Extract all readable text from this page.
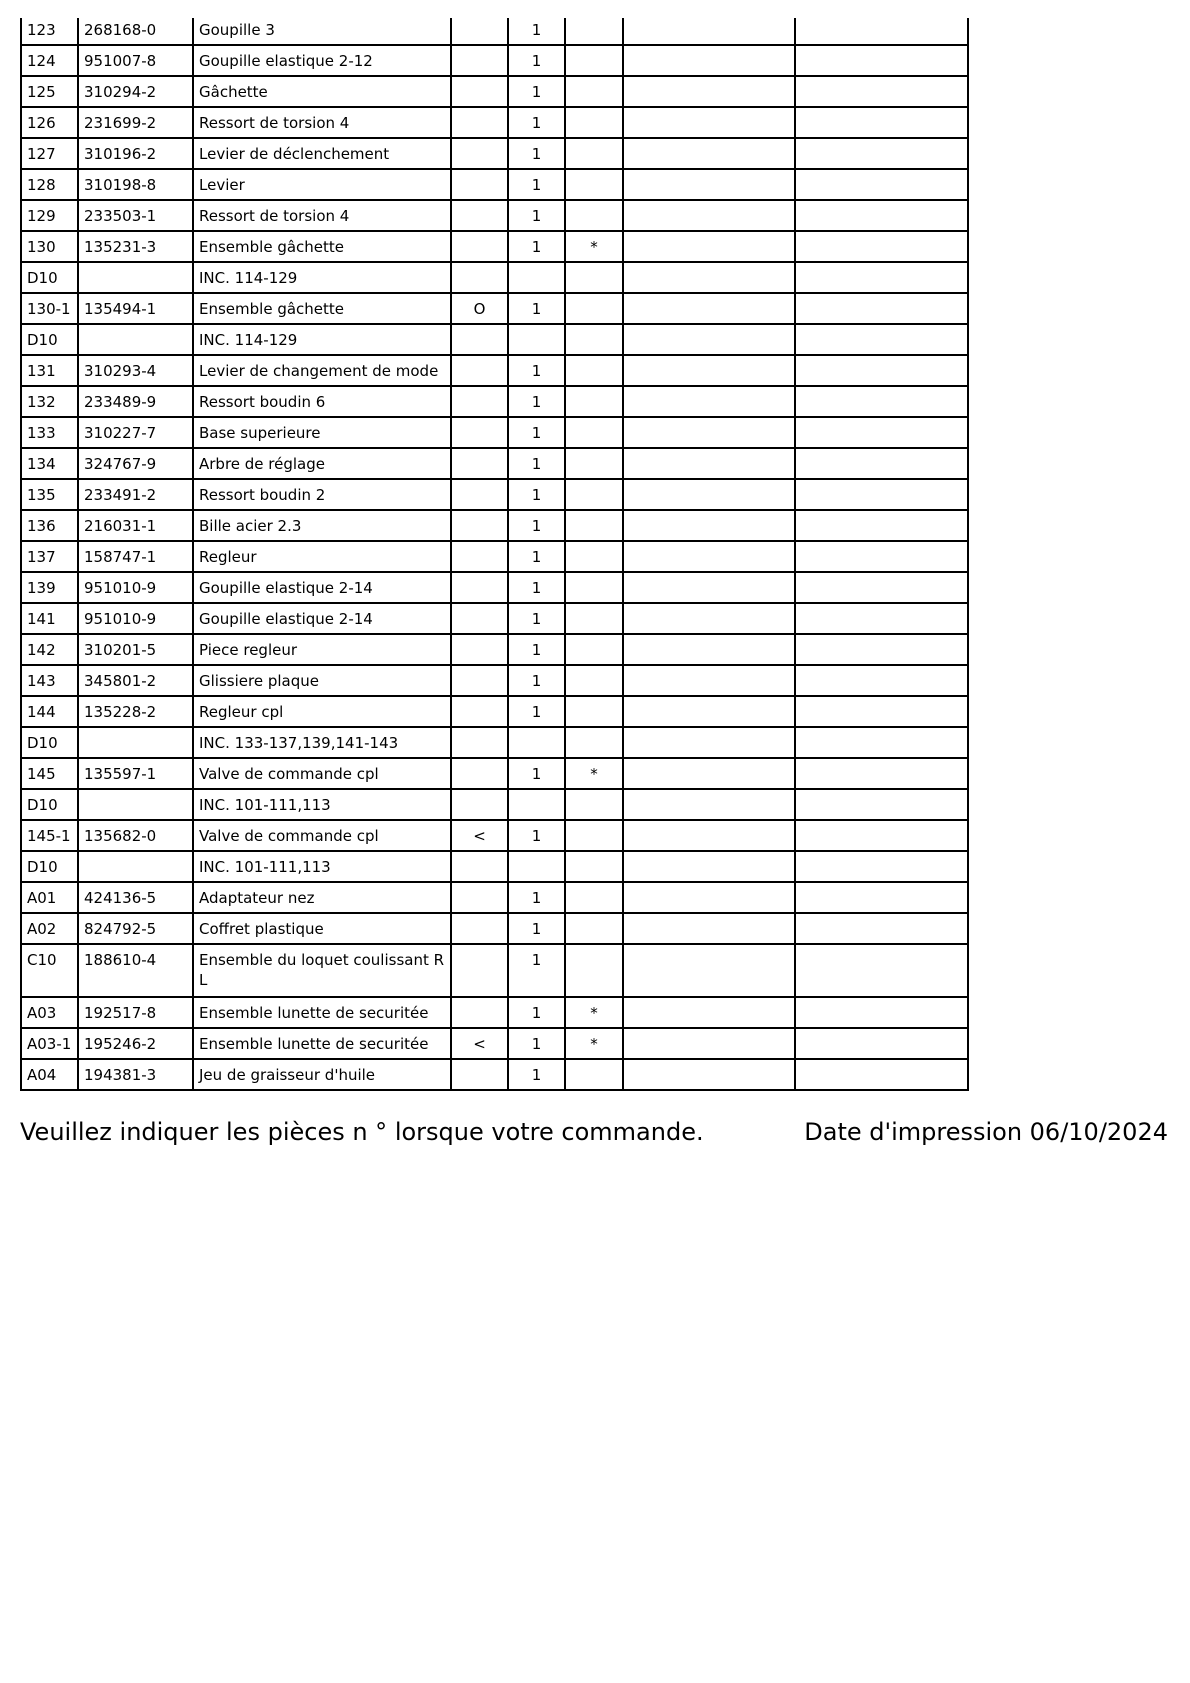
123	268168-0	Goupille 3		1			
124	951007-8	Goupille elastique 2-12		1			
125	310294-2	Gâchette		1			
126	231699-2	Ressort de torsion 4		1			
127	310196-2	Levier de déclenchement		1			
128	310198-8	Levier		1			
129	233503-1	Ressort de torsion 4		1			
130	135231-3	Ensemble gâchette		1	*		
D10		INC. 114-129					
130-1	135494-1	Ensemble gâchette	O	1			
D10		INC. 114-129					
131	310293-4	Levier de changement de mode		1			
132	233489-9	Ressort boudin 6		1			
133	310227-7	Base superieure		1			
134	324767-9	Arbre de réglage		1			
135	233491-2	Ressort boudin 2		1			
136	216031-1	Bille acier 2.3		1			
137	158747-1	Regleur		1			
139	951010-9	Goupille elastique 2-14		1			
141	951010-9	Goupille elastique 2-14		1			
142	310201-5	Piece regleur		1			
143	345801-2	Glissiere plaque		1			
144	135228-2	Regleur cpl		1			
D10		INC. 133-137,139,141-143					
145	135597-1	Valve de commande cpl		1	*		
D10		INC. 101-111,113					
145-1	135682-0	Valve de commande cpl	<	1			
D10		INC. 101-111,113					
A01	424136-5	Adaptateur nez		1			
A02	824792-5	Coffret plastique		1			
C10	188610-4	Ensemble du loquet coulissant R L		1			
A03	192517-8	Ensemble lunette de securitée		1	*		
A03-1	195246-2	Ensemble lunette de securitée	<	1	*		
A04	194381-3	Jeu de graisseur d'huile		1			
Veuillez indiquer les pièces n ° lorsque votre commande.	Date d'impression 06/10/2024
